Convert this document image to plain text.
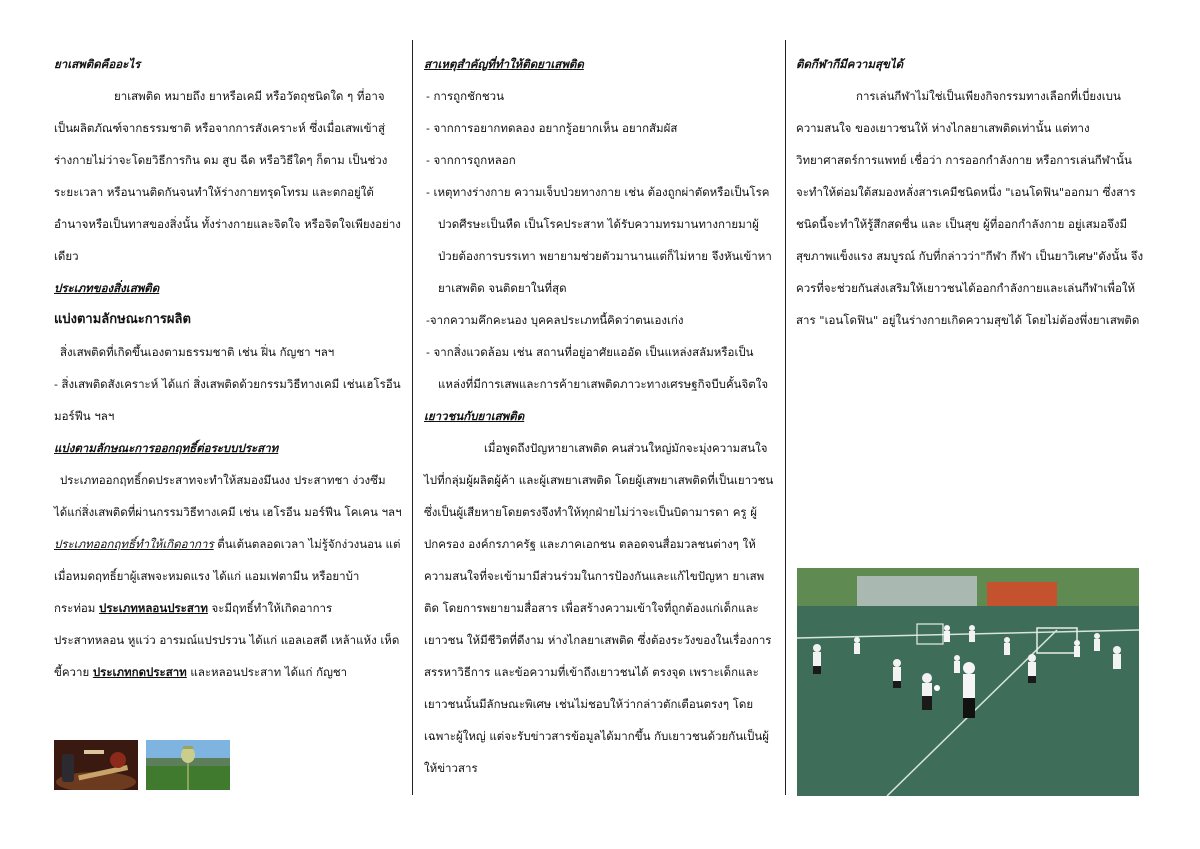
ยาเสพติดคืออะไร

ยาเสพติด หมายถึง ยาหรือเคมี หรือวัตถุชนิดใด ๆ ที่อาจเป็นผลิตภัณฑ์จากธรรมชาติ หรือจากการสังเคราะห์ ซึ่งเมื่อเสพเข้าสู่ร่างกายไม่ว่าจะโดยวิธีการกิน ดม สูบ ฉีด หรือวิธีใดๆ ก็ตาม เป็นช่วงระยะเวลา หรือนานติดกันจนทำให้ร่างกายทรุดโทรม และตกอยู่ใต้อำนาจหรือเป็นทาสของสิ่งนั้น ทั้งร่างกายและจิตใจ หรือจิตใจเพียงอย่างเดียว

ประเภทของสิ่งเสพติด

แบ่งตามลักษณะการผลิต

สิ่งเสพติดที่เกิดขึ้นเองตามธรรมชาติ เช่น ฝิ่น กัญชา ฯลฯ

- สิ่งเสพติดสังเคราะห์ ได้แก่ สิ่งเสพติดด้วยกรรมวิธีทางเคมี เช่นเฮโรอีน มอร์ฟีน ฯลฯ

แบ่งตามลักษณะการออกฤทธิ์ต่อระบบประสาท

ประเภทออกฤทธิ์กดประสาทจะทำให้สมองมึนงง ประสาทชา ง่วงซึม ได้แก่สิ่งเสพติดที่ผ่านกรรมวิธีทางเคมี เช่น เฮโรอีน มอร์ฟีน โคเคน ฯลฯ ประเภทออกฤทธิ์ทำให้เกิดอาการ ตื่นเต้นตลอดเวลา ไม่รู้จักง่วงนอน แต่เมื่อหมดฤทธิ์ยาผู้เสพจะหมดแรง ได้แก่ แอมเฟตามีน หรือยาบ้า กระท่อม ประเภทหลอนประสาท จะมีฤทธิ์ทำให้เกิดอาการประสาทหลอน หูแว่ว อารมณ์แปรปรวน ได้แก่ แอลเอสดี เหล้าแห้ง เห็ดขี้ควาย ประเภทกดประสาท และหลอนประสาท ได้แก่ กัญชา

สาเหตุสำคัญที่ทำให้ติดยาเสพติด

- การถูกชักชวน

- จากการอยากทดลอง อยากรู้อยากเห็น อยากสัมผัส

- จากการถูกหลอก

- เหตุทางร่างกาย ความเจ็บป่วยทางกาย เช่น ต้องถูกผ่าตัดหรือเป็นโรคปวดศีรษะเป็นหืด เป็นโรคประสาท ได้รับความทรมานทางกายมาผู้ป่วยต้องการบรรเทา พยายามช่วยตัวมานานแต่ก็ไม่หาย จึงหันเข้าหายาเสพติด จนติดยาในที่สุด

-จากความคึกคะนอง บุคคลประเภทนี้คิดว่าตนเองเก่ง

- จากสิ่งแวดล้อม เช่น สถานที่อยู่อาศัยแออัด เป็นแหล่งสลัมหรือเป็นแหล่งที่มีการเสพและการค้ายาเสพติดภาวะทางเศรษฐกิจบีบคั้นจิตใจ

เยาวชนกับยาเสพติด

เมื่อพูดถึงปัญหายาเสพติด คนส่วนใหญ่มักจะมุ่งความสนใจไปที่กลุ่มผู้ผลิตผู้ค้า และผู้เสพยาเสพติด โดยผู้เสพยาเสพติดที่เป็นเยาวชนซึ่งเป็นผู้เสียหายโดยตรงจึงทำให้ทุกฝ่ายไม่ว่าจะเป็นบิดามารดา ครู ผู้ปกครอง องค์กรภาครัฐ และภาคเอกชน ตลอดจนสื่อมวลชนต่างๆ ให้ความสนใจที่จะเข้ามามีส่วนร่วมในการป้องกันและแก้ไขปัญหา ยาเสพติด โดยการพยายามสื่อสาร เพื่อสร้างความเข้าใจที่ถูกต้องแก่เด็กและเยาวชน ให้มีชีวิตที่ดีงาม ห่างไกลยาเสพติด ซึ่งต้องระวังของในเรื่องการสรรหาวิธีการ และข้อความที่เข้าถึงเยาวชนได้ ตรงจุด เพราะเด็กและเยาวชนนั้นมีลักษณะพิเศษ เช่นไม่ชอบให้ว่ากล่าวตักเตือนตรงๆ โดยเฉพาะผู้ใหญ่ แต่จะรับข่าวสารข้อมูลได้มากขึ้น กับเยาวชนด้วยกันเป็นผู้ให้ข่าวสาร

ติดกีฬากีมีความสุขได้

การเล่นกีฬาไม่ใช่เป็นเพียงกิจกรรมทางเลือกที่เบี่ยงเบน ความสนใจ ของเยาวชนให้ ห่างไกลยาเสพติดเท่านั้น แต่ทางวิทยาศาสตร์การแพทย์ เชื่อว่า การออกกำลังกาย หรือการเล่นกีฬานั้น จะทำให้ต่อมใต้สมองหลั่งสารเคมีชนิดหนึ่ง "เอนโดฟิน"ออกมา ซึ่งสารชนิดนี้จะทำให้รู้สึกสดชื่น และ เป็นสุข ผู้ที่ออกกำลังกาย อยู่เสมอจึงมีสุขภาพแข็งแรง สมบูรณ์ กับที่กล่าวว่า"กีฬา กีฬา เป็นยาวิเศษ"ดังนั้น จึงควรที่จะช่วยกันส่งเสริมให้เยาวชนได้ออกกำลังกายและเล่นกีฬาเพื่อให้สาร "เอนโดฟิน" อยู่ในร่างกายเกิดความสุขได้ โดยไม่ต้องพึ่งยาเสพติด
